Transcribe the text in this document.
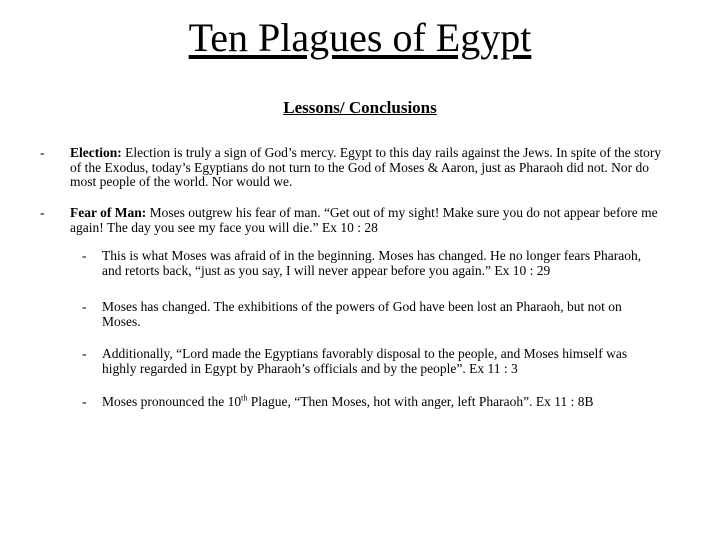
Ten Plagues of Egypt
Lessons/ Conclusions
- Election: Election is truly a sign of God’s mercy. Egypt to this day rails against the Jews. In spite of the story of the Exodus, today’s Egyptians do not turn to the God of Moses & Aaron, just as Pharaoh did not. Nor do most people of the world. Nor would we.
- Fear of Man: Moses outgrew his fear of man. “Get out of my sight! Make sure you do not appear before me again! The day you see my face you will die.” Ex 10 : 28
- This is what Moses was afraid of in the beginning. Moses has changed. He no longer fears Pharaoh, and retorts back, “just as you say, I will never appear before you again.” Ex 10 : 29
- Moses has changed. The exhibitions of the powers of God have been lost an Pharaoh, but not on Moses.
- Additionally, “Lord made the Egyptians favorably disposal to the people, and Moses himself was highly regarded in Egypt by Pharaoh’s officials and by the people”. Ex 11 : 3
- Moses pronounced the 10th Plague, “Then Moses, hot with anger, left Pharaoh”. Ex 11 : 8B
